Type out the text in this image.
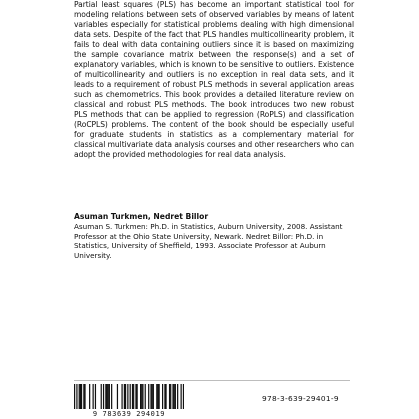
Partial least squares (PLS) has become an important statistical tool for
modeling relations between sets of observed variables by means of latent
variables especially for statistical problems dealing with high dimensional
data sets. Despite of the fact that PLS handles multicollinearity problem, it
fails to deal with data containing outliers since it is based on maximizing
the sample covariance matrix between the response(s) and a set of
explanatory variables, which is known to be sensitive to outliers. Existence
of multicollinearity and outliers is no exception in real data sets, and it
leads to a requirement of robust PLS methods in several application areas
such as chemometrics. This book provides a detailed literature review on
classical and robust PLS methods. The book introduces two new robust
PLS methods that can be applied to regression (RoPLS) and classification
(RoCPLS) problems. The content of the book should be especially useful
for graduate students in statistics as a complementary material for
classical multivariate data analysis courses and other researchers who can
adopt the provided methodologies for real data analysis.
Asuman Turkmen, Nedret Billor
Asuman S. Turkmen: Ph.D. in Statistics, Auburn University, 2008. Assistant
Professor at the Ohio State University, Newark. Nedret Billor: Ph.D. in
Statistics, University of Sheffield, 1993. Associate Professor at Auburn
University.
9 783639 294019
978-3-639-29401-9
